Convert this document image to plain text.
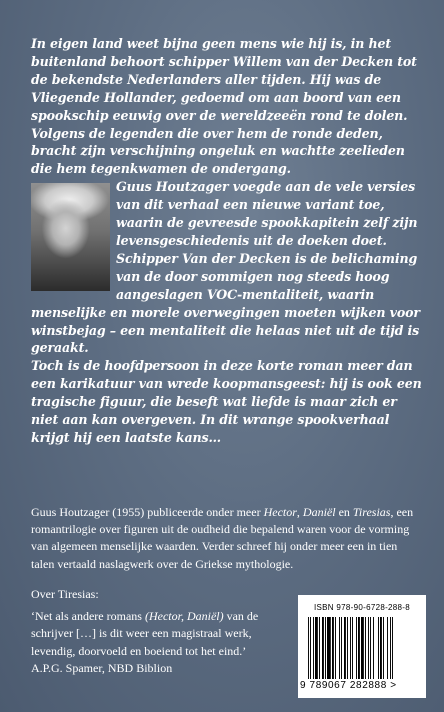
In eigen land weet bijna geen mens wie hij is, in het buitenland behoort schipper Willem van der Decken tot de bekendste Nederlanders aller tijden. Hij was de Vliegende Hollander, gedoemd om aan boord van een spookschip eeuwig over de wereldzeeën rond te dolen. Volgens de legenden die over hem de ronde deden, bracht zijn verschijning ongeluk en wachtte zeelieden die hem tegenkwamen de ondergang.

Guus Houtzager voegde aan de vele versies van dit verhaal een nieuwe variant toe, waarin de gevreesde spookkapitein zelf zijn levensgeschiedenis uit de doeken doet. Schipper Van der Decken is de belichaming van de door sommigen nog steeds hoog aangeslagen VOC-mentaliteit, waarin menselijke en morele overwegingen moeten wijken voor winstbejag – een mentaliteit die helaas niet uit de tijd is geraakt.

Toch is de hoofdpersoon in deze korte roman meer dan een karikatuur van wrede koopmansgeest: hij is ook een tragische figuur, die beseft wat liefde is maar zich er niet aan kan overgeven. In dit wrange spookverhaal krijgt hij een laatste kans…

Guus Houtzager (1955) publiceerde onder meer Hector, Daniël en Tiresias, een romantrilogie over figuren uit de oudheid die bepalend waren voor de vorming van algemeen menselijke waarden. Verder schreef hij onder meer een in tien talen vertaald naslagwerk over de Griekse mythologie.

Over Tiresias:

‘Net als andere romans (Hector, Daniël) van de schrijver […] is dit weer een magistraal werk, levendig, doorvoeld en boeiend tot het eind.’

A.P.G. Spamer, NBD Biblion

ISBN 978-90-6728-288-8
9 789067 282888 >
